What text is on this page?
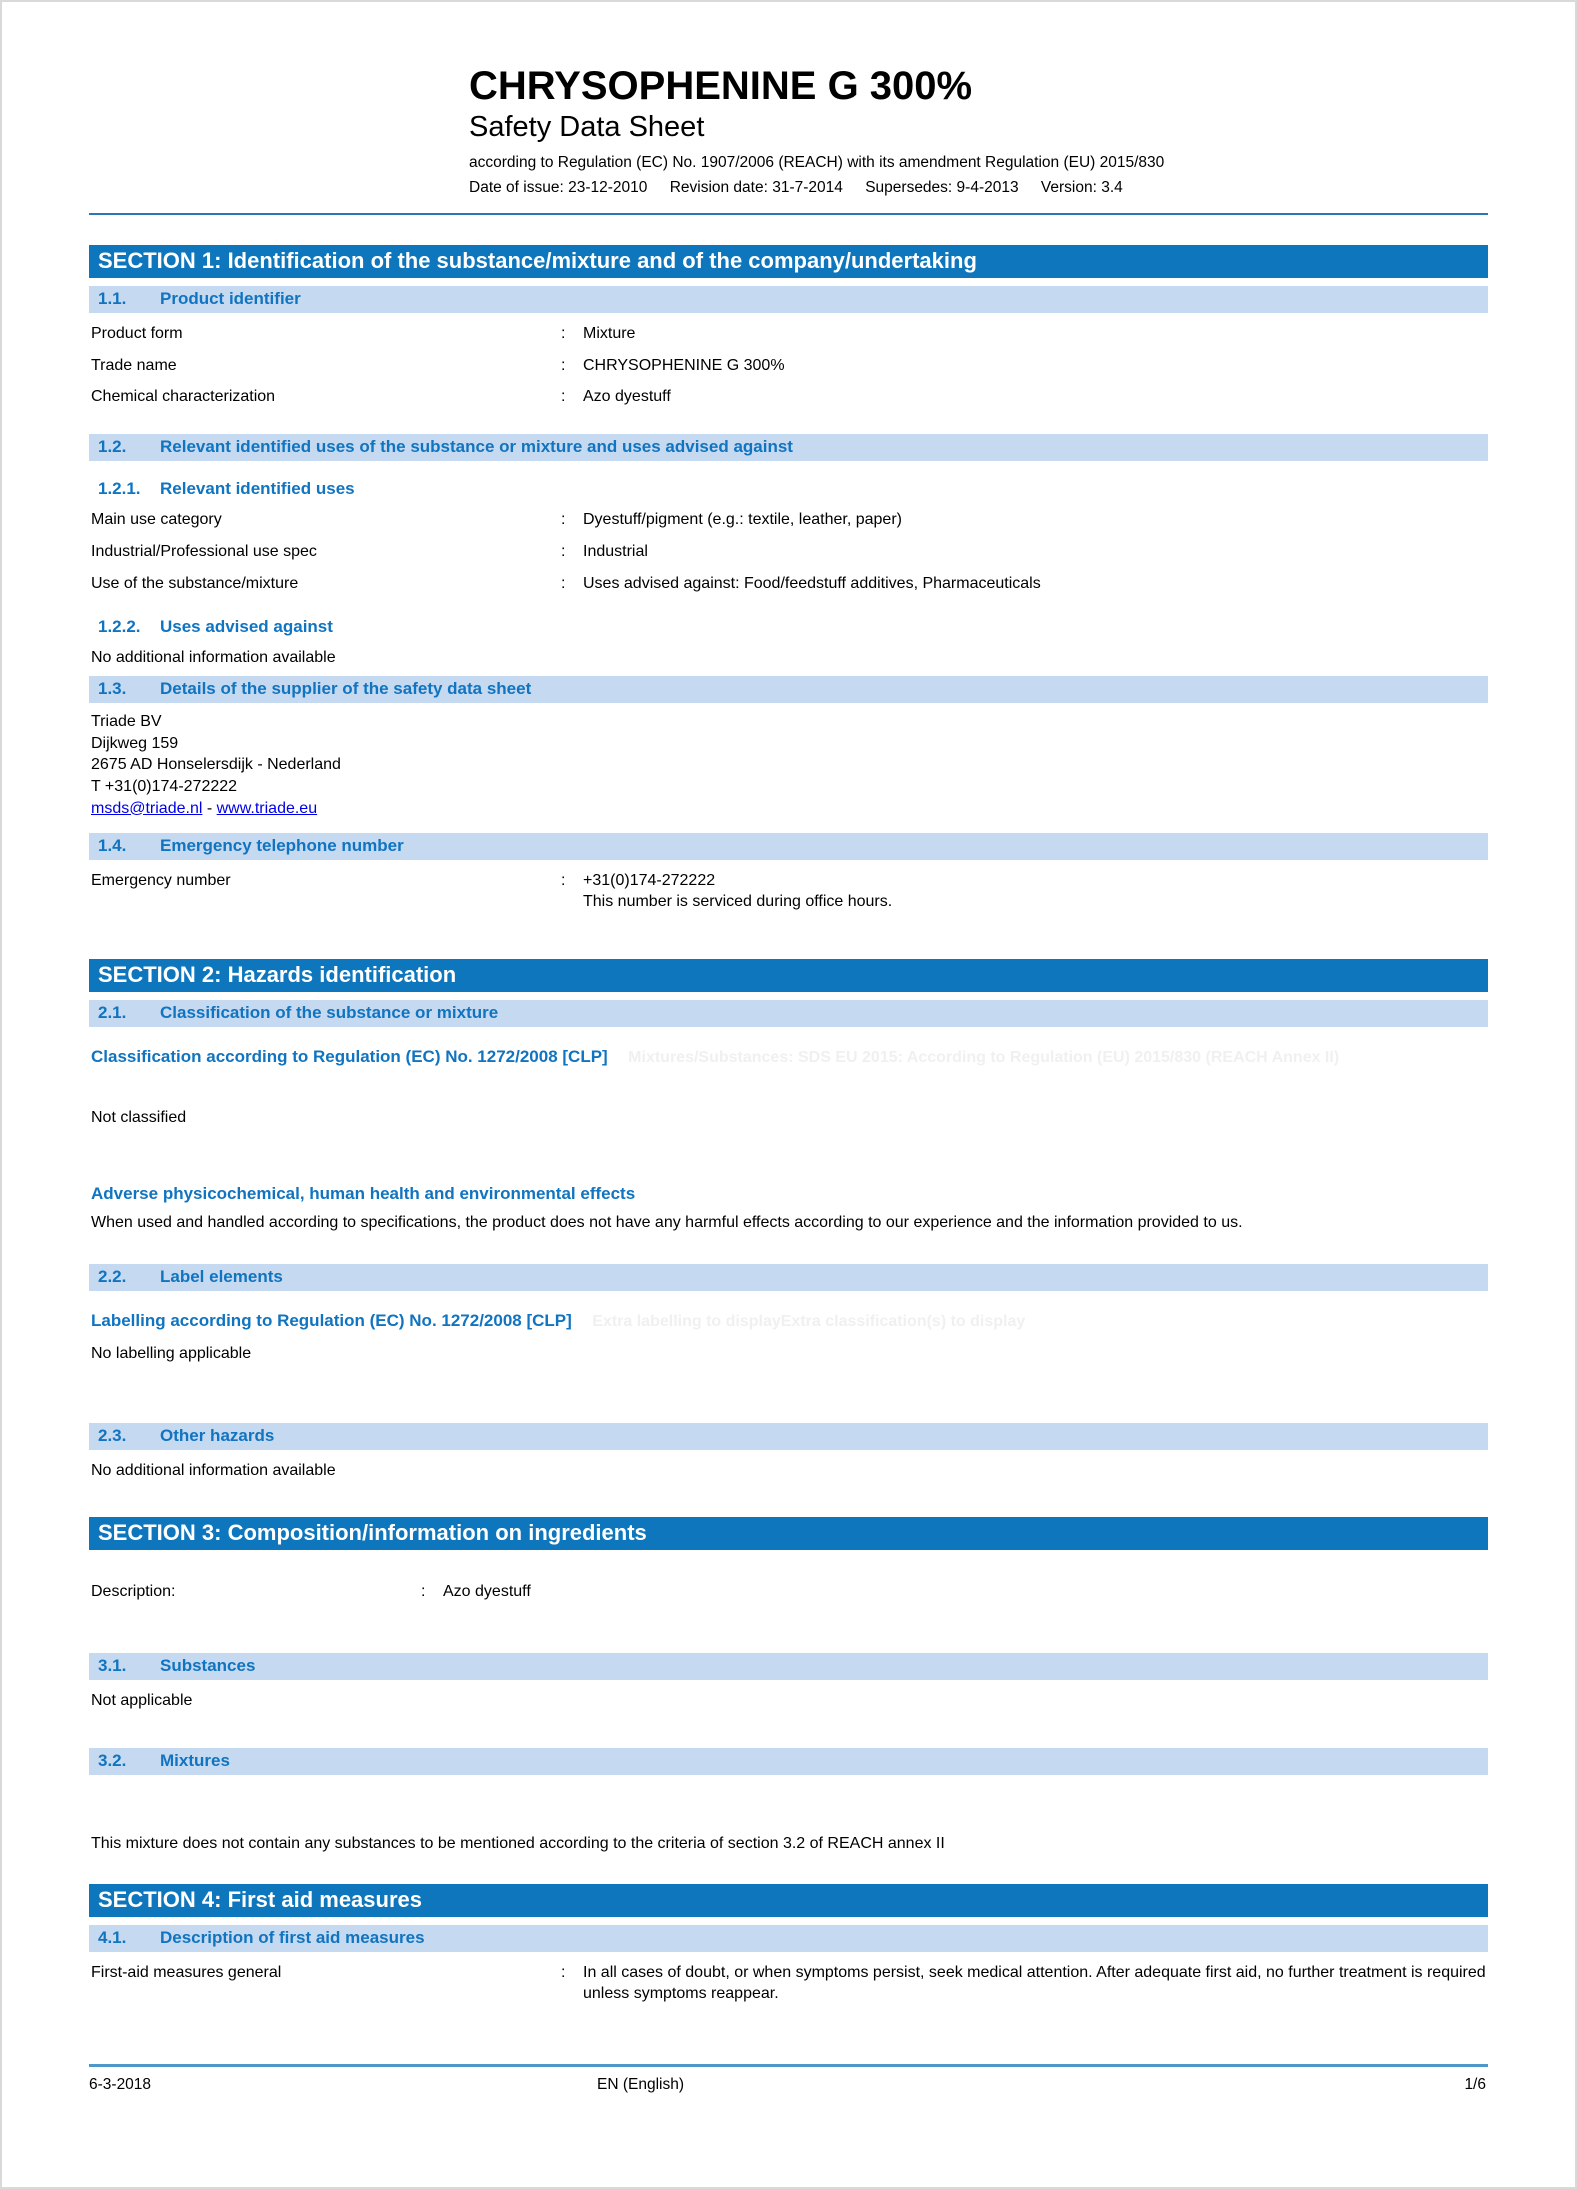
CHRYSOPHENINE G 300%
Safety Data Sheet
according to Regulation (EC) No. 1907/2006 (REACH) with its amendment Regulation (EU) 2015/830
Date of issue: 23-12-2010 Revision date: 31-7-2014 Supersedes: 9-4-2013 Version: 3.4
SECTION 1: Identification of the substance/mixture and of the company/undertaking
1.1.	Product identifier
Product form	:	Mixture
Trade name	:	CHRYSOPHENINE G 300%
Chemical characterization	:	Azo dyestuff
1.2.	Relevant identified uses of the substance or mixture and uses advised against
1.2.1.	Relevant identified uses
Main use category	:	Dyestuff/pigment (e.g.: textile, leather, paper)
Industrial/Professional use spec	:	Industrial
Use of the substance/mixture	:	Uses advised against: Food/feedstuff additives, Pharmaceuticals
1.2.2.	Uses advised against
No additional information available
1.3.	Details of the supplier of the safety data sheet
Triade BV
Dijkweg 159
2675 AD Honselersdijk - Nederland
T +31(0)174-272222
msds@triade.nl - www.triade.eu
1.4.	Emergency telephone number
Emergency number	:	+31(0)174-272222
This number is serviced during office hours.
SECTION 2: Hazards identification
2.1.	Classification of the substance or mixture
Classification according to Regulation (EC) No. 1272/2008 [CLP] Mixtures/Substances: SDS EU 2015: According to Regulation (EU) 2015/830 (REACH Annex II)
Not classified
Adverse physicochemical, human health and environmental effects
When used and handled according to specifications, the product does not have any harmful effects according to our experience and the information provided to us.
2.2.	Label elements
Labelling according to Regulation (EC) No. 1272/2008 [CLP] Extra labelling to displayExtra classification(s) to display
No labelling applicable
2.3.	Other hazards
No additional information available
SECTION 3: Composition/information on ingredients
Description:	:	Azo dyestuff
3.1.	Substances
Not applicable
3.2.	Mixtures
This mixture does not contain any substances to be mentioned according to the criteria of section 3.2 of REACH annex II
SECTION 4: First aid measures
4.1.	Description of first aid measures
First-aid measures general	:	In all cases of doubt, or when symptoms persist, seek medical attention. After adequate first aid, no further treatment is required unless symptoms reappear.
6-3-2018	EN (English)	1/6
